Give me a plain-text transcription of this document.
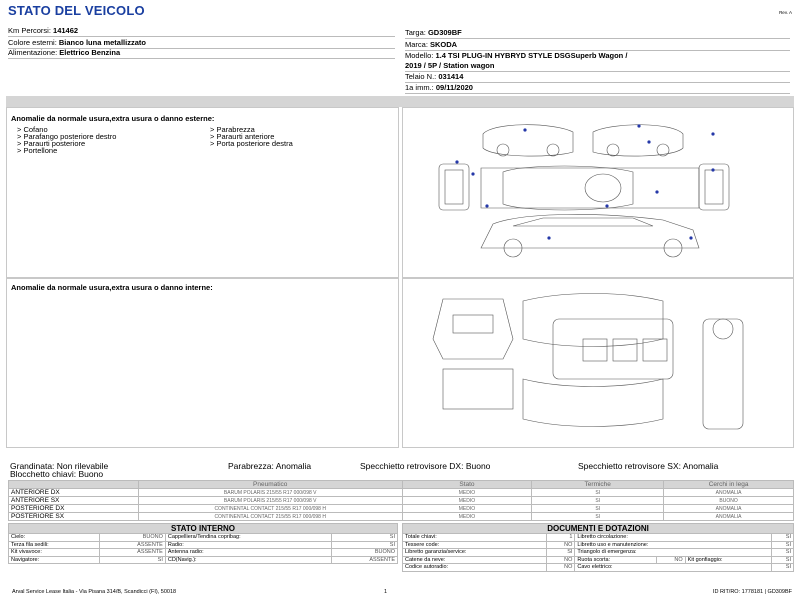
STATO DEL VEICOLO	Rev. A
Km Percorsi: 141462
Colore esterni: Bianco luna metallizzato
Alimentazione: Elettrico Benzina
Targa: GD309BF
Marca: SKODA
Modello: 1.4 TSI PLUG-IN HYBRYD STYLE DSGSuperb Wagon /
2019 / 5P / Station wagon
Telaio N.: 031414
1a imm.: 09/11/2020
Anomalie da normale usura,extra usura o danno esterne:
> Cofano
> Parafango posteriore destro
> Paraurti posteriore
> Portellone
> Parabrezza
> Paraurti anteriore
> Porta posteriore destra
Anomalie da normale usura,extra usura o danno interne:
Grandinata: Non rilevabile
Blocchetto chiavi: Buono
Parabrezza: Anomalia	Specchietto retrovisore DX: Buono	Specchietto retrovisore SX: Anomalia
	Pneumatico	Stato	Termiche	Cerchi in lega
ANTERIORE DX	BARUM POLARIS 215/55 R17 000/098 V	MEDIO	SI	ANOMALIA
ANTERIORE SX	BARUM POLARIS 215/55 R17 000/098 V	MEDIO	SI	BUONO
POSTERIORE DX	CONTINENTAL CONTACT 215/55 R17 000/098 H	MEDIO	SI	ANOMALIA
POSTERIORE SX	CONTINENTAL CONTACT 215/55 R17 000/098 H	MEDIO	SI	ANOMALIA
STATO INTERNO			
Cielo:	BUONO	Cappelliera/Tendina copribag:	SI
Terza fila sedili:	ASSENTE	Radio:	SI
Kit vivavoce:	ASSENTE	Antenna radio:	BUONO
Navigatore:	SI	CD(Navig.):	ASSENTE
DOCUMENTI E DOTAZIONI					
Totale chiavi:	1	Libretto circolazione:			SI
Tessere code:	NO	Libretto uso e manutenzione:			SI
Libretto garanzia/service:	SI	Triangolo di emergenza:			SI
Catene da neve:	NO	Ruota scorta:	NO	Kit gonfiaggio:	SI
Codice autoradio:	NO	Cavo elettrico:			SI
Arval Service Lease Italia - Via Pisana 314/B, Scandicci (FI), 50018	1	ID RIT/RO: 1778181 | GD309BF
